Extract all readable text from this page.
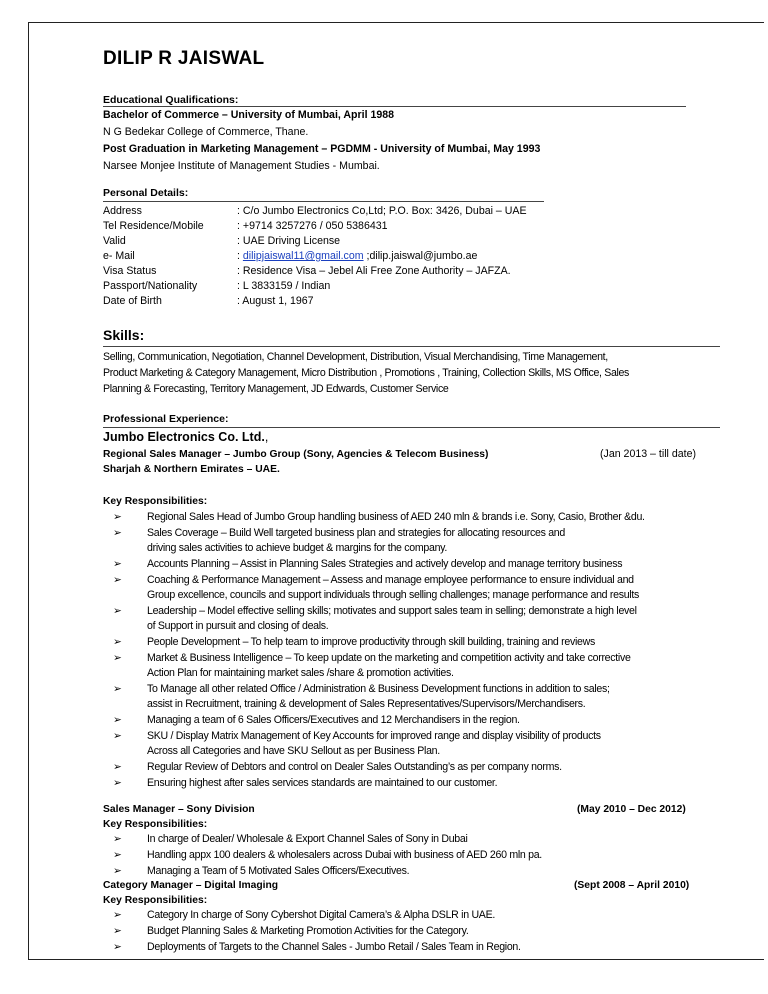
DILIP R JAISWAL
Educational Qualifications:
Bachelor of Commerce – University of Mumbai, April 1988
N G Bedekar College of Commerce, Thane.
Post Graduation in Marketing Management – PGDMM - University of Mumbai, May 1993
Narsee Monjee Institute of Management Studies - Mumbai.
Personal Details:
Address	: C/o Jumbo Electronics Co,Ltd; P.O. Box: 3426, Dubai – UAE
Tel Residence/Mobile	: +9714 3257276 / 050 5386431
Valid	: UAE Driving License
e- Mail	: dilipjaiswal11@gmail.com ;dilip.jaiswal@jumbo.ae
Visa Status	: Residence Visa – Jebel Ali Free Zone Authority – JAFZA.
Passport/Nationality	: L 3833159 / Indian
Date of Birth	: August 1, 1967
Skills:
Selling, Communication, Negotiation, Channel Development, Distribution, Visual Merchandising, Time Management,
Product Marketing & Category Management, Micro Distribution , Promotions , Training, Collection Skills, MS Office, Sales
Planning & Forecasting, Territory Management, JD Edwards, Customer Service
Professional Experience:
Jumbo Electronics Co. Ltd.,
Regional Sales Manager – Jumbo Group (Sony, Agencies & Telecom Business)	(Jan 2013 – till date)
Sharjah & Northern Emirates – UAE.
Key Responsibilities:
➢ Regional Sales Head of Jumbo Group handling business of AED 240 mln & brands i.e. Sony, Casio, Brother &du.
➢ Sales Coverage – Build Well targeted business plan and strategies for allocating resources and
driving sales activities to achieve budget & margins for the company.
➢ Accounts Planning – Assist in Planning Sales Strategies and actively develop and manage territory business
➢ Coaching & Performance Management – Assess and manage employee performance to ensure individual and
Group excellence, councils and support individuals through selling challenges; manage performance and results
➢ Leadership – Model effective selling skills; motivates and support sales team in selling; demonstrate a high level
of Support in pursuit and closing of deals.
➢ People Development – To help team to improve productivity through skill building, training and reviews
➢ Market & Business Intelligence – To keep update on the marketing and competition activity and take corrective
Action Plan for maintaining market sales /share & promotion activities.
➢ To Manage all other related Office / Administration & Business Development functions in addition to sales;
assist in Recruitment, training & development of Sales Representatives/Supervisors/Merchandisers.
➢ Managing a team of 6 Sales Officers/Executives and 12 Merchandisers in the region.
➢ SKU / Display Matrix Management of Key Accounts for improved range and display visibility of products
Across all Categories and have SKU Sellout as per Business Plan.
➢ Regular Review of Debtors and control on Dealer Sales Outstanding’s as per company norms.
➢ Ensuring highest after sales services standards are maintained to our customer.
Sales Manager – Sony Division	(May 2010 – Dec 2012)
Key Responsibilities:
➢ In charge of Dealer/ Wholesale & Export Channel Sales of Sony in Dubai
➢ Handling appx 100 dealers & wholesalers across Dubai with business of AED 260 mln pa.
➢ Managing a Team of 5 Motivated Sales Officers/Executives.
Category Manager – Digital Imaging	(Sept 2008 – April 2010)
Key Responsibilities:
➢ Category In charge of Sony Cybershot Digital Camera’s & Alpha DSLR in UAE.
➢ Budget Planning Sales & Marketing Promotion Activities for the Category.
➢ Deployments of Targets to the Channel Sales - Jumbo Retail / Sales Team in Region.
